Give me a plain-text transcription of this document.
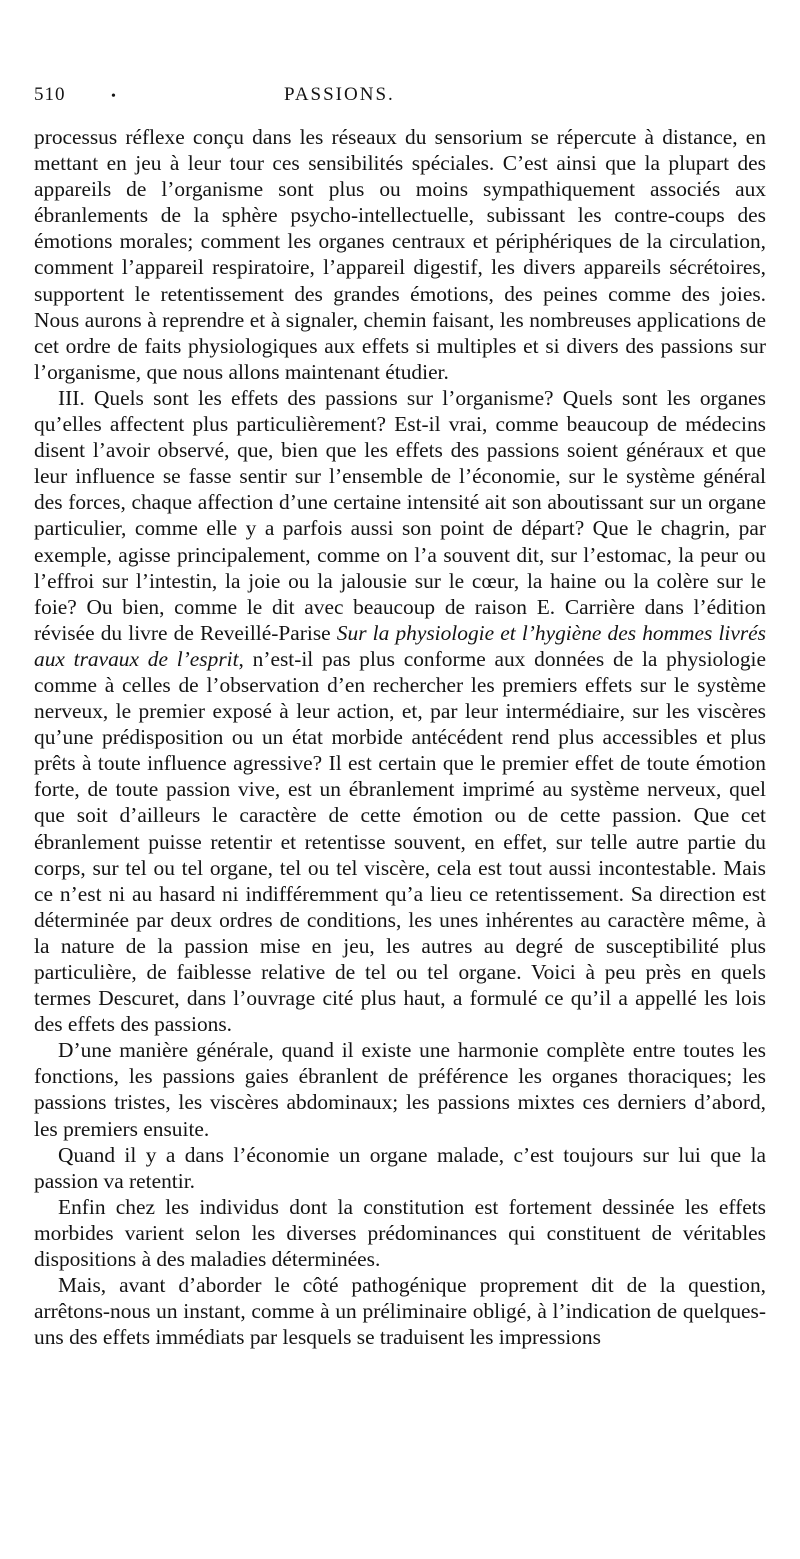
510	•	PASSIONS.

processus réflexe conçu dans les réseaux du sensorium se répercute à distance, en mettant en jeu à leur tour ces sensibilités spéciales. C’est ainsi que la plupart des appareils de l’organisme sont plus ou moins sympathiquement associés aux ébranlements de la sphère psycho-intellectuelle, subissant les contre-coups des émotions morales; comment les organes centraux et périphériques de la circulation, comment l’appareil respiratoire, l’appareil digestif, les divers appareils sécrétoires, supportent le retentissement des grandes émotions, des peines comme des joies. Nous aurons à reprendre et à signaler, chemin faisant, les nombreuses applications de cet ordre de faits physiologiques aux effets si multiples et si divers des passions sur l’organisme, que nous allons maintenant étudier.

III. Quels sont les effets des passions sur l’organisme? Quels sont les organes qu’elles affectent plus particulièrement? Est-il vrai, comme beaucoup de médecins disent l’avoir observé, que, bien que les effets des passions soient généraux et que leur influence se fasse sentir sur l’ensemble de l’économie, sur le système général des forces, chaque affection d’une certaine intensité ait son aboutissant sur un organe particulier, comme elle y a parfois aussi son point de départ? Que le chagrin, par exemple, agisse principalement, comme on l’a souvent dit, sur l’estomac, la peur ou l’effroi sur l’intestin, la joie ou la jalousie sur le cœur, la haine ou la colère sur le foie? Ou bien, comme le dit avec beaucoup de raison E. Carrière dans l’édition révisée du livre de Reveillé-Parise Sur la physiologie et l’hygiène des hommes livrés aux travaux de l’esprit, n’est-il pas plus conforme aux données de la physiologie comme à celles de l’observation d’en rechercher les premiers effets sur le système nerveux, le premier exposé à leur action, et, par leur intermédiaire, sur les viscères qu’une prédisposition ou un état morbide antécédent rend plus accessibles et plus prêts à toute influence agressive? Il est certain que le premier effet de toute émotion forte, de toute passion vive, est un ébranlement imprimé au système nerveux, quel que soit d’ailleurs le caractère de cette émotion ou de cette passion. Que cet ébranlement puisse retentir et retentisse souvent, en effet, sur telle autre partie du corps, sur tel ou tel organe, tel ou tel viscère, cela est tout aussi incontestable. Mais ce n’est ni au hasard ni indifféremment qu’a lieu ce retentissement. Sa direction est déterminée par deux ordres de conditions, les unes inhérentes au caractère même, à la nature de la passion mise en jeu, les autres au degré de susceptibilité plus particulière, de faiblesse relative de tel ou tel organe. Voici à peu près en quels termes Descuret, dans l’ouvrage cité plus haut, a formulé ce qu’il a appellé les lois des effets des passions.

D’une manière générale, quand il existe une harmonie complète entre toutes les fonctions, les passions gaies ébranlent de préférence les organes thoraciques; les passions tristes, les viscères abdominaux; les passions mixtes ces derniers d’abord, les premiers ensuite.

Quand il y a dans l’économie un organe malade, c’est toujours sur lui que la passion va retentir.

Enfin chez les individus dont la constitution est fortement dessinée les effets morbides varient selon les diverses prédominances qui constituent de véritables dispositions à des maladies déterminées.

Mais, avant d’aborder le côté pathogénique proprement dit de la question, arrêtons-nous un instant, comme à un préliminaire obligé, à l’indication de quelques-uns des effets immédiats par lesquels se traduisent les impressions
